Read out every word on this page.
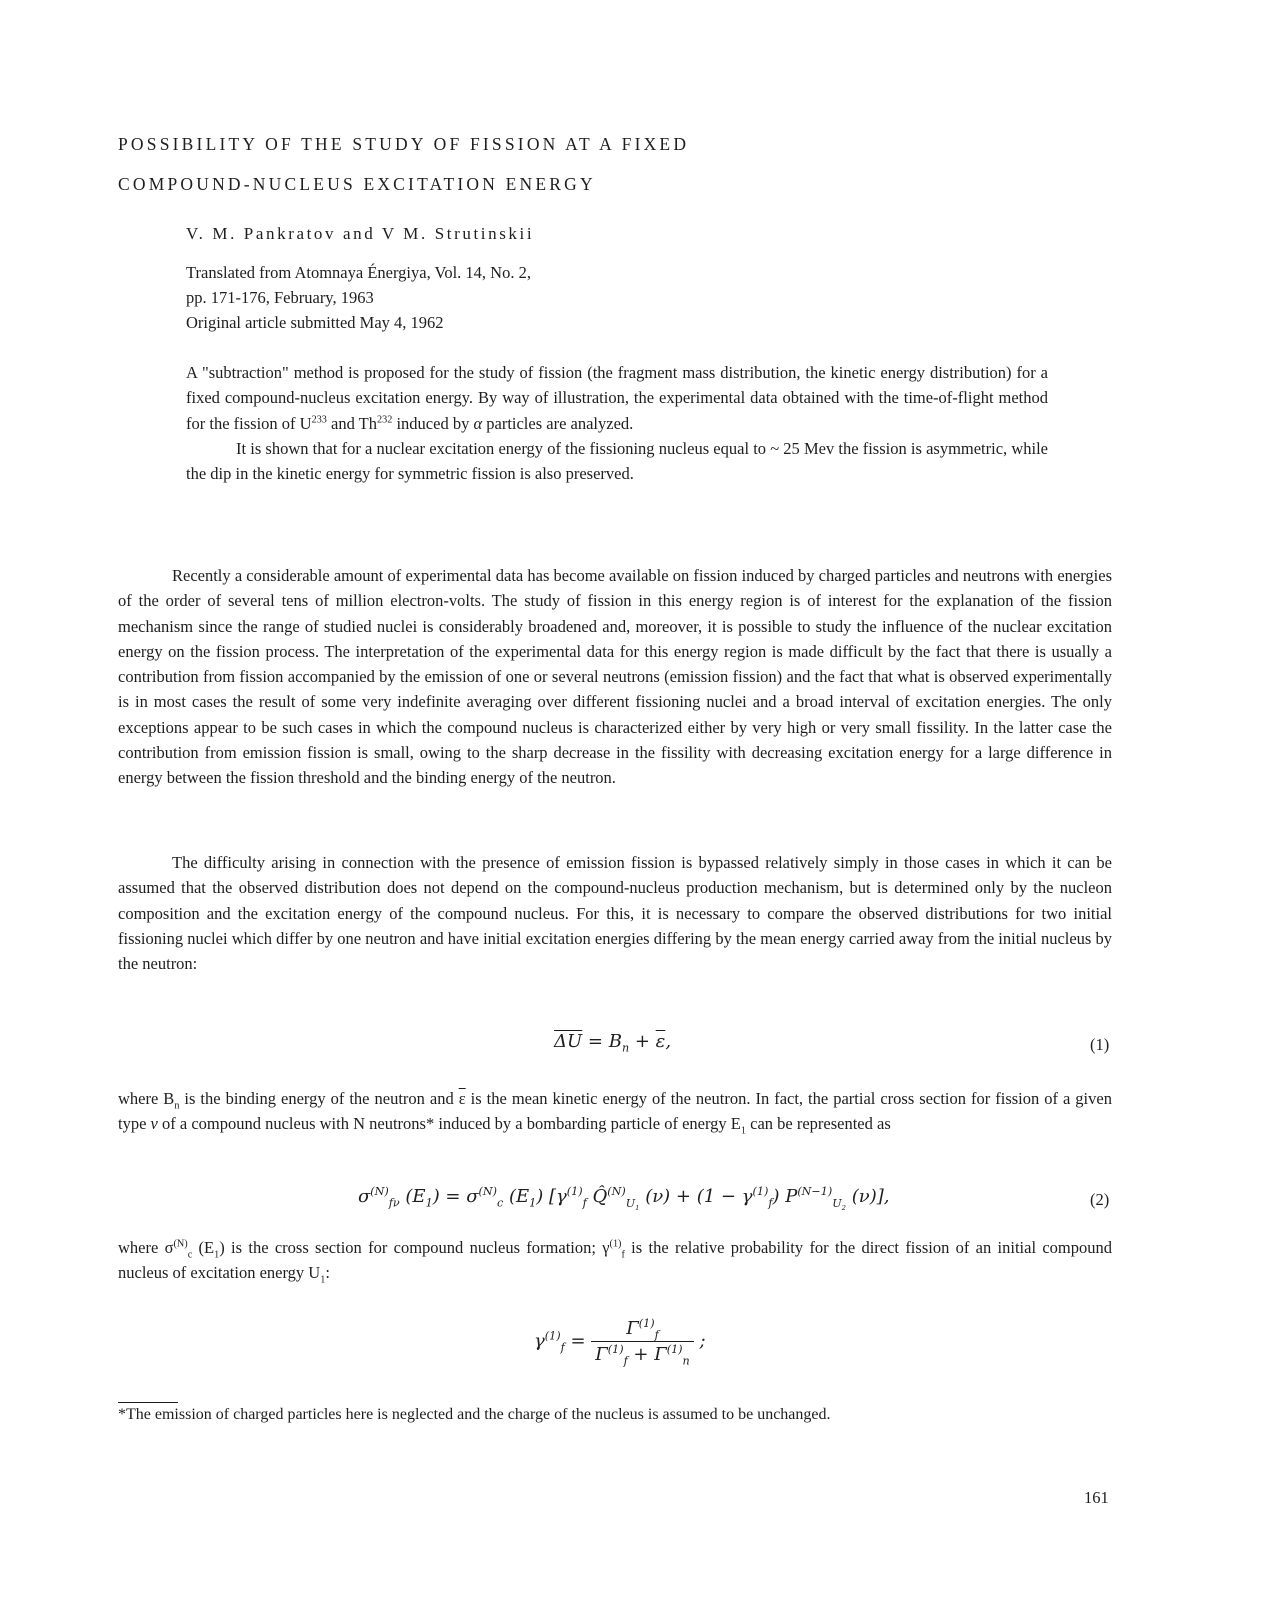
POSSIBILITY OF THE STUDY OF FISSION AT A FIXED
COMPOUND-NUCLEUS EXCITATION ENERGY
V. M. Pankratov and V M. Strutinskii
Translated from Atomnaya Énergiya, Vol. 14, No. 2,
pp. 171-176, February, 1963
Original article submitted May 4, 1962

A "subtraction" method is proposed for the study of fission (the fragment mass distribution, the kinetic energy distribution) for a fixed compound-nucleus excitation energy. By way of illustration, the experimental data obtained with the time-of-flight method for the fission of $U^{233}$ and Th$^{232}$ induced by α particles are analyzed.

It is shown that for a nuclear excitation energy of the fissioning nucleus equal to ~ 25 Mev the fission is asymmetric, while the dip in the kinetic energy for symmetric fission is also preserved.

Recently a considerable amount of experimental data has become available on fission induced by charged particles and neutrons with energies of the order of several tens of million electron-volts. The study of fission in this energy region is of interest for the explanation of the fission mechanism since the range of studied nuclei is considerably broadened and, moreover, it is possible to study the influence of the nuclear excitation energy on the fission process. The interpretation of the experimental data for this energy region is made difficult by the fact that there is usually a contribution from fission accompanied by the emission of one or several neutrons (emission fission) and the fact that what is observed experimentally is in most cases the result of some very indefinite averaging over different fissioning nuclei and a broad interval of excitation energies. The only exceptions appear to be such cases in which the compound nucleus is characterized either by very high or very small fissility. In the latter case the contribution from emission fission is small, owing to the sharp decrease in the fissility with decreasing excitation energy for a large difference in energy between the fission threshold and the binding energy of the neutron.

The difficulty arising in connection with the presence of emission fission is bypassed relatively simply in those cases in which it can be assumed that the observed distribution does not depend on the compound-nucleus production mechanism, but is determined only by the nucleon composition and the excitation energy of the compound nucleus. For this, it is necessary to compare the observed distributions for two initial fissioning nuclei which differ by one neutron and have initial excitation energies differing by the mean energy carried away from the initial nucleus by the neutron:

$\overline{\Delta U} = B_n + \overline{\varepsilon}$,	(1)

where $B_n$ is the binding energy of the neutron and $\overline{\varepsilon}$ is the mean kinetic energy of the neutron. In fact, the partial cross section for fission of a given type ν of a compound nucleus with N neutrons* induced by a bombarding particle of energy $E_1$ can be represented as

$\sigma^{(N)}_{f\nu}$ $(E_1) = \sigma^{(N)}_c$ $(E_1)$ [$\gamma^{(1)}_f$ Q̂$^{(N)}_{U_1}$ $(\nu) + (1 - \gamma^{(1)}_f)$ $P^{(N-1)}_{U_2}$ (ν)],	(2)

where $\sigma^{(N)}_c$ $(E_1)$ is the cross section for compound nucleus formation; $\gamma^{(1)}_f$ is the relative probability for the direct fission of an initial compound nucleus of excitation energy $U_1$:

$\gamma^{(1)}_f = \frac{\Gamma^{(1)}_f}{\Gamma^{(1)}_f + \Gamma^{(1)}_n}$ ;
*The emission of charged particles here is neglected and the charge of the nucleus is assumed to be unchanged.
161
